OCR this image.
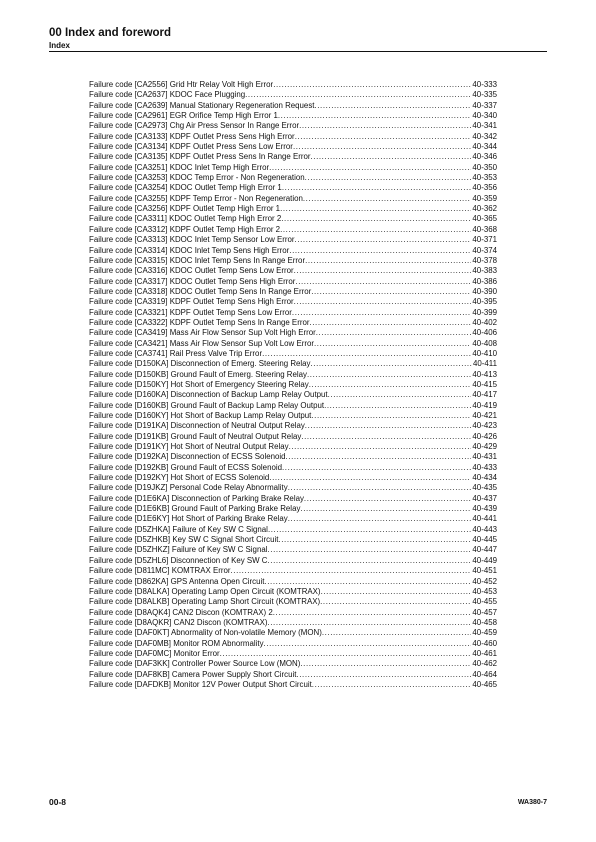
00 Index and foreword
Index
Failure code [CA2556] Grid Htr Relay Volt High Error .....	40-333
Failure code [CA2637] KDOC Face Plugging .....	40-335
Failure code [CA2639] Manual Stationary Regeneration Request .....	40-337
Failure code [CA2961] EGR Orifice Temp High Error 1 .....	40-340
Failure code [CA2973] Chg Air Press Sensor In Range Error .....	40-341
Failure code [CA3133] KDPF Outlet Press Sens High Error .....	40-342
Failure code [CA3134] KDPF Outlet Press Sens Low Error .....	40-344
Failure code [CA3135] KDPF Outlet Press Sens In Range Error .....	40-346
Failure code [CA3251] KDOC Inlet Temp High Error .....	40-350
Failure code [CA3253] KDOC Temp Error - Non Regeneration .....	40-353
Failure code [CA3254] KDOC Outlet Temp High Error 1 .....	40-356
Failure code [CA3255] KDPF Temp Error - Non Regeneration .....	40-359
Failure code [CA3256] KDPF Outlet Temp High Error 1 .....	40-362
Failure code [CA3311] KDOC Outlet Temp High Error 2 .....	40-365
Failure code [CA3312] KDPF Outlet Temp High Error 2 .....	40-368
Failure code [CA3313] KDOC Inlet Temp Sensor Low Error .....	40-371
Failure code [CA3314] KDOC Inlet Temp Sens High Error .....	40-374
Failure code [CA3315] KDOC Inlet Temp Sens In Range Error .....	40-378
Failure code [CA3316] KDOC Outlet Temp Sens Low Error .....	40-383
Failure code [CA3317] KDOC Outlet Temp Sens High Error .....	40-386
Failure code [CA3318] KDOC Outlet Temp Sens In Range Error .....	40-390
Failure code [CA3319] KDPF Outlet Temp Sens High Error .....	40-395
Failure code [CA3321] KDPF Outlet Temp Sens Low Error .....	40-399
Failure code [CA3322] KDPF Outlet Temp Sens In Range Error .....	40-402
Failure code [CA3419] Mass Air Flow Sensor Sup Volt High Error .....	40-406
Failure code [CA3421] Mass Air Flow Sensor Sup Volt Low Error .....	40-408
Failure code [CA3741] Rail Press Valve Trip Error .....	40-410
Failure code [D150KA] Disconnection of Emerg. Steering Relay .....	40-411
Failure code [D150KB] Ground Fault of Emerg. Steering Relay .....	40-413
Failure code [D150KY] Hot Short of Emergency Steering Relay .....	40-415
Failure code [D160KA] Disconnection of Backup Lamp Relay Output .....	40-417
Failure code [D160KB] Ground Fault of Backup Lamp Relay Output .....	40-419
Failure code [D160KY] Hot Short of Backup Lamp Relay Output .....	40-421
Failure code [D191KA] Disconnection of Neutral Output Relay .....	40-423
Failure code [D191KB] Ground Fault of Neutral Output Relay .....	40-426
Failure code [D191KY] Hot Short of Neutral Output Relay .....	40-429
Failure code [D192KA] Disconnection of ECSS Solenoid .....	40-431
Failure code [D192KB] Ground Fault of ECSS Solenoid .....	40-433
Failure code [D192KY] Hot Short of ECSS Solenoid .....	40-434
Failure code [D19JKZ] Personal Code Relay Abnormality .....	40-435
Failure code [D1E6KA] Disconnection of Parking Brake Relay .....	40-437
Failure code [D1E6KB] Ground Fault of Parking Brake Relay .....	40-439
Failure code [D1E6KY] Hot Short of Parking Brake Relay .....	40-441
Failure code [D5ZHKA] Failure of Key SW C Signal .....	40-443
Failure code [D5ZHKB] Key SW C Signal Short Circuit .....	40-445
Failure code [D5ZHKZ] Failure of Key SW C Signal .....	40-447
Failure code [D5ZHL6] Disconnection of Key SW C .....	40-449
Failure code [D811MC] KOMTRAX Error .....	40-451
Failure code [D862KA] GPS Antenna Open Circuit .....	40-452
Failure code [D8ALKA] Operating Lamp Open Circuit (KOMTRAX) .....	40-453
Failure code [D8ALKB] Operating Lamp Short Circuit (KOMTRAX) .....	40-455
Failure code [D8AQK4] CAN2 Discon (KOMTRAX) 2 .....	40-457
Failure code [D8AQKR] CAN2 Discon (KOMTRAX) .....	40-458
Failure code [DAF0KT] Abnormality of Non-volatile Memory (MON) .....	40-459
Failure code [DAF0MB] Monitor ROM Abnormality .....	40-460
Failure code [DAF0MC] Monitor Error .....	40-461
Failure code [DAF3KK] Controller Power Source Low (MON) .....	40-462
Failure code [DAF8KB] Camera Power Supply Short Circuit .....	40-464
Failure code [DAFDKB] Monitor 12V Power Output Short Circuit .....	40-465
00-8	WA380-7
